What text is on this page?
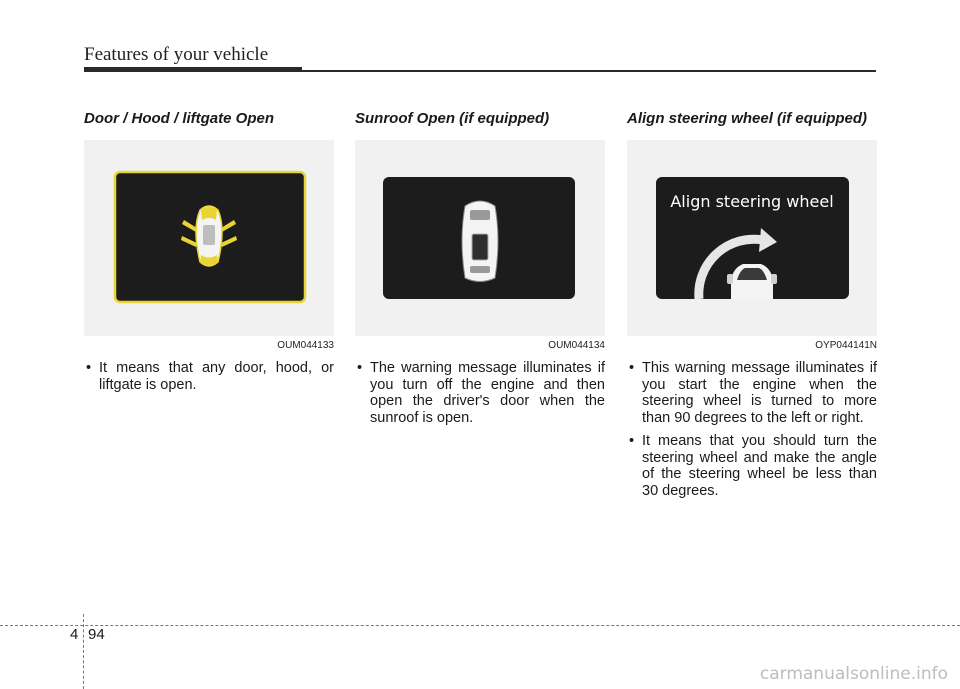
Features of your vehicle
Door / Hood / liftgate Open
OUM044133
• It means that any door, hood, or liftgate is open.
Sunroof Open (if equipped)
OUM044134
• The warning message illuminates if you turn off the engine and then open the driver's door when the sunroof is open.
Align steering wheel (if equipped)
Align steering wheel
OYP044141N
• This warning message illuminates if you start the engine when the steering wheel is turned to more than 90 degrees to the left or right.
• It means that you should turn the steering wheel and make the angle of the steering wheel be less than 30 degrees.
4 94
carmanualsonline.info
